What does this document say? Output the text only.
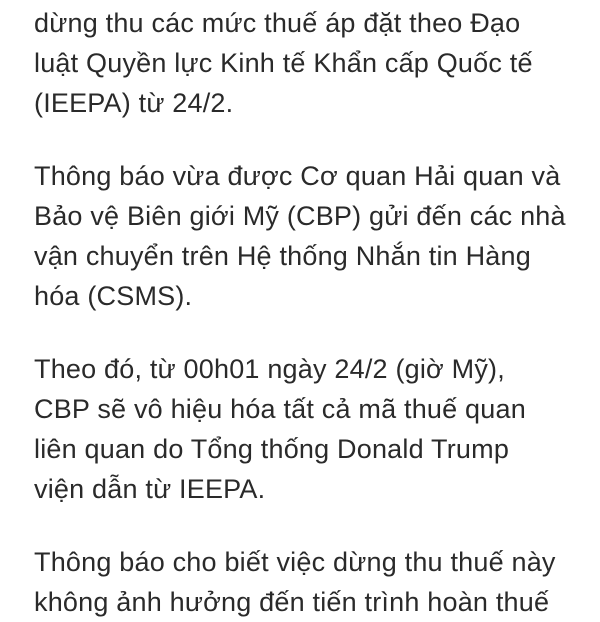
dừng thu các mức thuế áp đặt theo Đạo
luật Quyền lực Kinh tế Khẩn cấp Quốc tế
(IEEPA) từ 24/2.

Thông báo vừa được Cơ quan Hải quan và
Bảo vệ Biên giới Mỹ (CBP) gửi đến các nhà
vận chuyển trên Hệ thống Nhắn tin Hàng
hóa (CSMS).

Theo đó, từ 00h01 ngày 24/2 (giờ Mỹ),
CBP sẽ vô hiệu hóa tất cả mã thuế quan
liên quan do Tổng thống Donald Trump
viện dẫn từ IEEPA.

Thông báo cho biết việc dừng thu thuế này
không ảnh hưởng đến tiến trình hoàn thuế
